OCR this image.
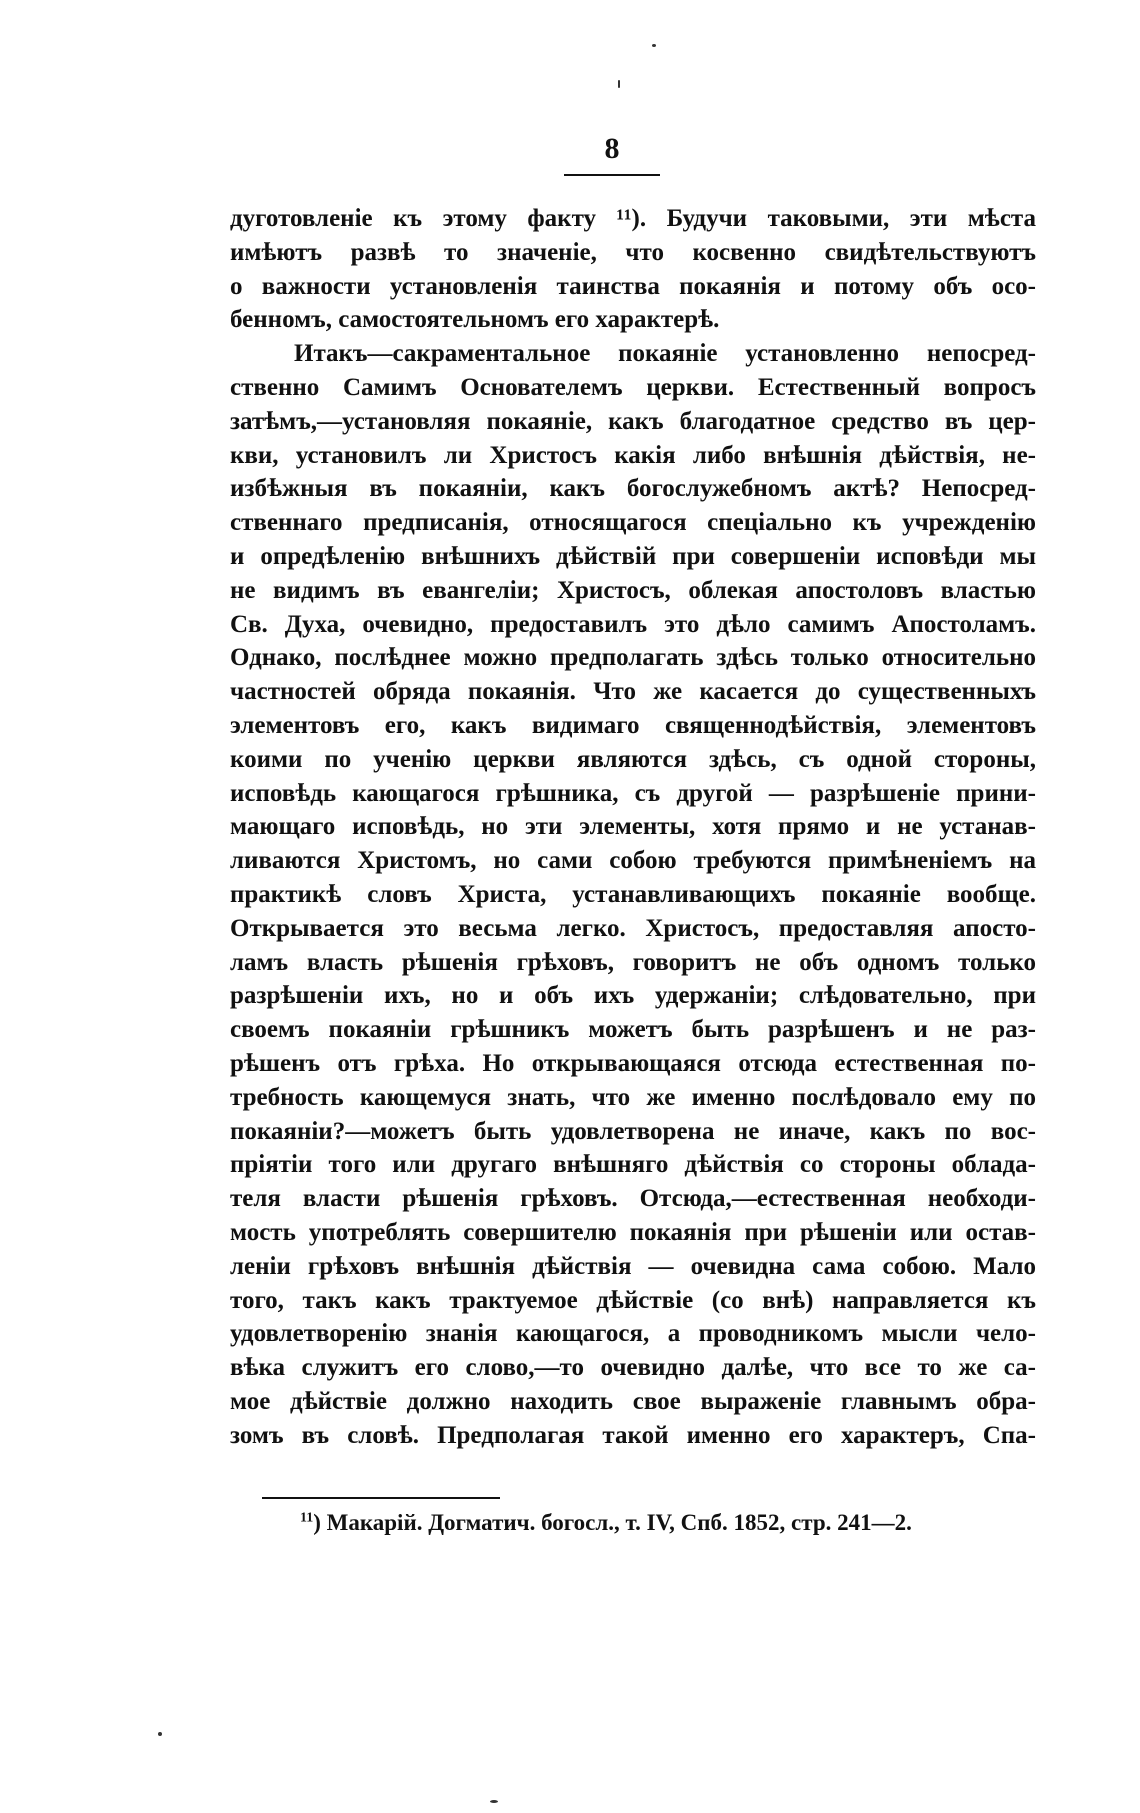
8
дуготовленіе къ этому факту ¹¹). Будучи таковыми, эти мѣста
имѣютъ развѣ то значеніе, что косвенно свидѣтельствуютъ
о важности установленія таинства покаянія и потому объ осо-
бенномъ, самостоятельномъ его характерѣ.
Итакъ—сакраментальное покаяніе установленно непосред-
ственно Самимъ Основателемъ церкви. Естественный вопросъ
затѣмъ,—установляя покаяніе, какъ благодатное средство въ цер-
кви, установилъ ли Христосъ какія либо внѣшнія дѣйствія, не-
избѣжныя въ покаяніи, какъ богослужебномъ актѣ? Непосред-
ственнаго предписанія, относящагося спеціально къ учрежденію
и опредѣленію внѣшнихъ дѣйствій при совершеніи исповѣди мы
не видимъ въ евангеліи; Христосъ, облекая апостоловъ властью
Св. Духа, очевидно, предоставилъ это дѣло самимъ Апостоламъ.
Однако, послѣднее можно предполагать здѣсь только относительно
частностей обряда покаянія. Что же касается до существенныхъ
элементовъ его, какъ видимаго священнодѣйствія, элементовъ
коими по ученію церкви являются здѣсь, съ одной стороны,
исповѣдь кающагося грѣшника, съ другой — разрѣшеніе прини-
мающаго исповѣдь, но эти элементы, хотя прямо и не устанав-
ливаются Христомъ, но сами собою требуются примѣненіемъ на
практикѣ словъ Христа, устанавливающихъ покаяніе вообще.
Открывается это весьма легко. Христосъ, предоставляя апосто-
ламъ власть рѣшенія грѣховъ, говоритъ не объ одномъ только
разрѣшеніи ихъ, но и объ ихъ удержаніи; слѣдовательно, при
своемъ покаяніи грѣшникъ можетъ быть разрѣшенъ и не раз-
рѣшенъ отъ грѣха. Но открывающаяся отсюда естественная по-
требность кающемуся знать, что же именно послѣдовало ему по
покаяніи?—можетъ быть удовлетворена не иначе, какъ по вос-
пріятіи того или другаго внѣшняго дѣйствія со стороны облада-
теля власти рѣшенія грѣховъ. Отсюда,—естественная необходи-
мость употреблять совершителю покаянія при рѣшеніи или остав-
леніи грѣховъ внѣшнія дѣйствія — очевидна сама собою. Мало
того, такъ какъ трактуемое дѣйствіе (со внѣ) направляется къ
удовлетворенію знанія кающагося, а проводникомъ мысли чело-
вѣка служитъ его слово,—то очевидно далѣе, что все то же са-
мое дѣйствіе должно находить свое выраженіе главнымъ обра-
зомъ въ словѣ. Предполагая такой именно его характеръ, Спа-
$^{11}$) Макарій. Догматич. богосл., т. IV, Спб. 1852, стр. 241—2.
